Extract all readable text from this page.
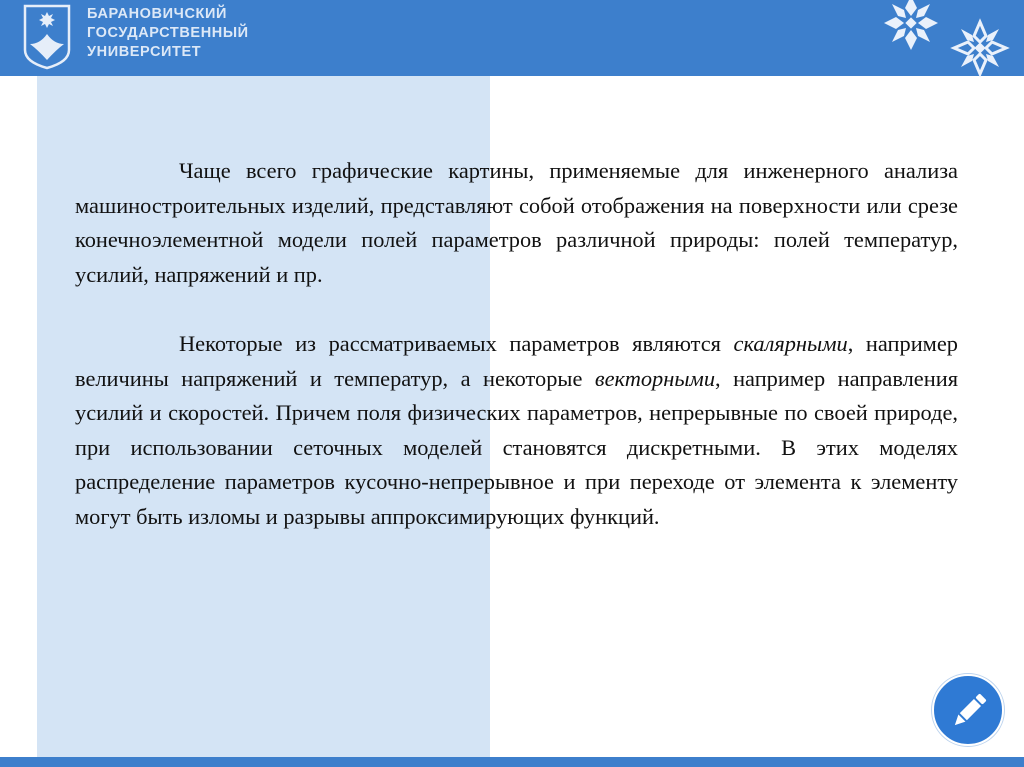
БАРАНОВИЧСКИЙ
ГОСУДАРСТВЕННЫЙ
УНИВЕРСИТЕТ

Чаще всего графические картины, применяемые для инженерного анализа машиностроительных изделий, представляют собой отображения на поверхности или срезе конечноэлементной модели полей параметров различной природы: полей температур, усилий, напряжений и пр.

Некоторые из рассматриваемых параметров являются скалярными, например величины напряжений и температур, а некоторые векторными, например направления усилий и скоростей. Причем поля физических параметров, непрерывные по своей природе, при использовании сеточных моделей становятся дискретными. В этих моделях распределение параметров кусочно-непрерывное и при переходе от элемента к элементу могут быть изломы и разрывы аппроксимирующих функций.
